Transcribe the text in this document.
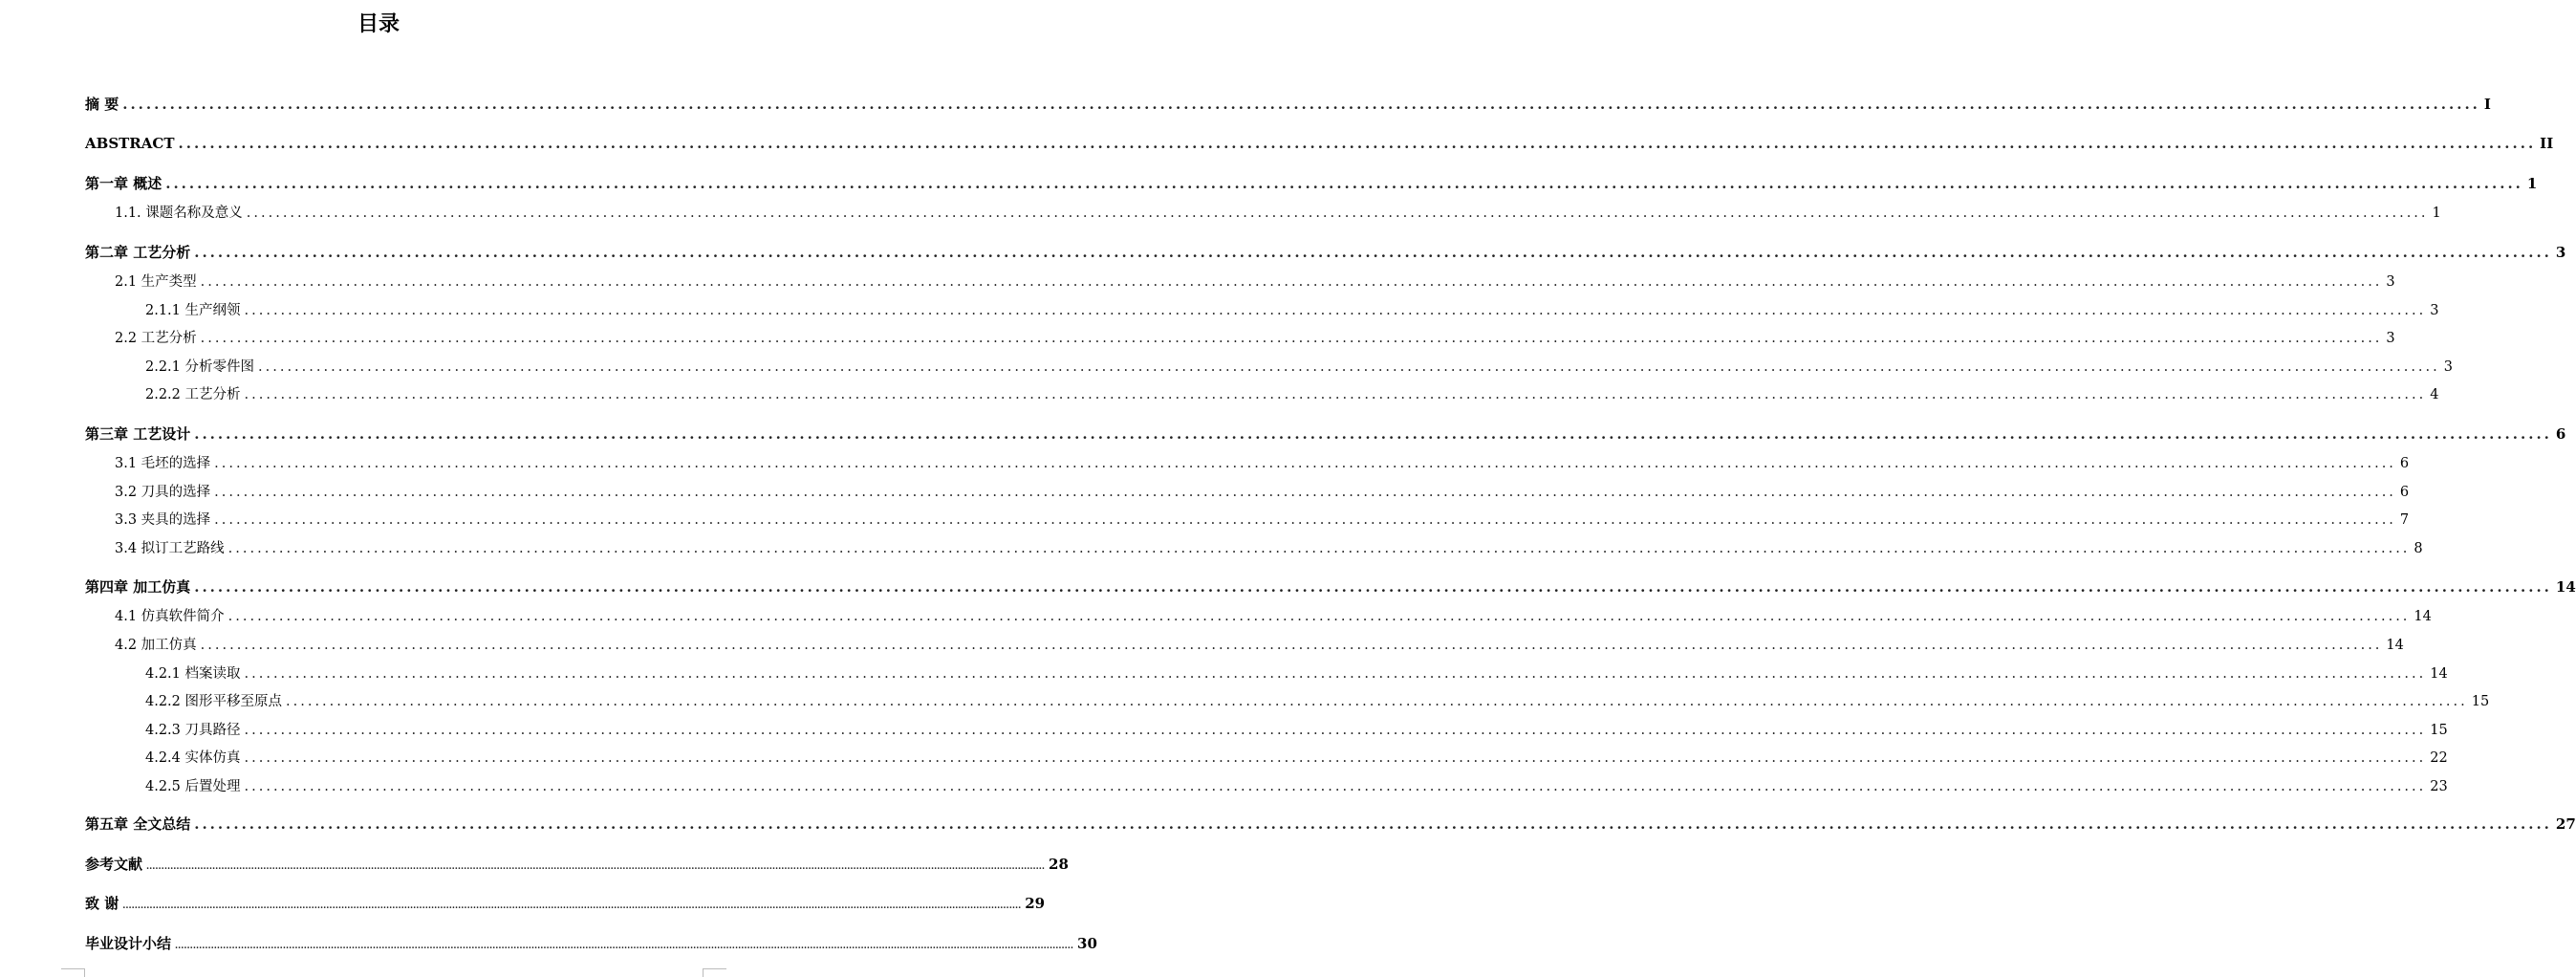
目录
摘 要 ............................................................................................................................................................................................................................................................................................................ I
ABSTRACT ............................................................................................................................................................................................................................................................................................................ II
第一章 概述 ............................................................................................................................................................................................................................................................................................................ 1
1.1. 课题名称及意义 ............................................................................................................................................................................................................................................................................................................ 1
第二章 工艺分析 ............................................................................................................................................................................................................................................................................................................ 3
2.1 生产类型 ............................................................................................................................................................................................................................................................................................................ 3
2.1.1 生产纲领 ............................................................................................................................................................................................................................................................................................................ 3
2.2 工艺分析 ............................................................................................................................................................................................................................................................................................................ 3
2.2.1 分析零件图 ............................................................................................................................................................................................................................................................................................................ 3
2.2.2 工艺分析 ............................................................................................................................................................................................................................................................................................................ 4
第三章 工艺设计 ............................................................................................................................................................................................................................................................................................................ 6
3.1 毛坯的选择 ............................................................................................................................................................................................................................................................................................................ 6
3.2 刀具的选择 ............................................................................................................................................................................................................................................................................................................ 6
3.3 夹具的选择 ............................................................................................................................................................................................................................................................................................................ 7
3.4 拟订工艺路线 ............................................................................................................................................................................................................................................................................................................ 8
第四章 加工仿真 ............................................................................................................................................................................................................................................................................................................ 14
4.1 仿真软件简介 ............................................................................................................................................................................................................................................................................................................ 14
4.2 加工仿真 ............................................................................................................................................................................................................................................................................................................ 14
4.2.1 档案读取 ............................................................................................................................................................................................................................................................................................................ 14
4.2.2 图形平移至原点 ............................................................................................................................................................................................................................................................................................................ 15
4.2.3 刀具路径 ............................................................................................................................................................................................................................................................................................................ 15
4.2.4 实体仿真 ............................................................................................................................................................................................................................................................................................................ 22
4.2.5 后置处理 ............................................................................................................................................................................................................................................................................................................ 23
第五章 全文总结 ............................................................................................................................................................................................................................................................................................................ 27
参考文献 ............................................................................................................................................................................................................................................................................................................ 28
致 谢 ............................................................................................................................................................................................................................................................................................................ 29
毕业设计小结 ............................................................................................................................................................................................................................................................................................................ 30
